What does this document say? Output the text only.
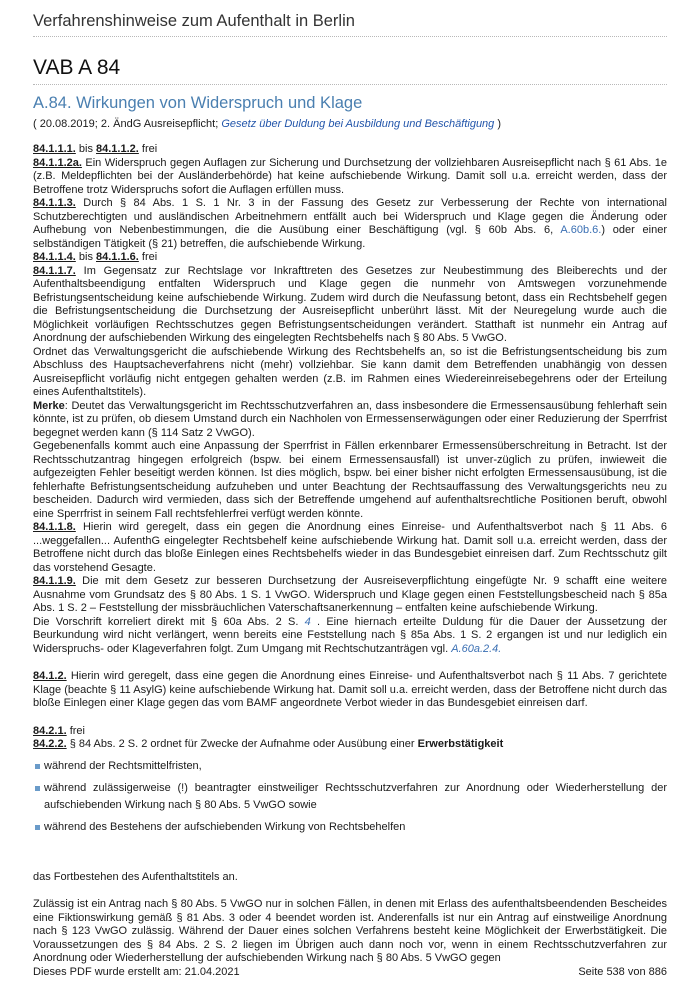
Verfahrenshinweise zum Aufenthalt in Berlin
VAB A 84
A.84. Wirkungen von Widerspruch und Klage
( 20.08.2019; 2. ÄndG Ausreisepflicht; Gesetz über Duldung bei Ausbildung und Beschäftigung )

84.1.1.1. bis 84.1.1.2. frei

84.1.1.2a. Ein Widerspruch gegen Auflagen zur Sicherung und Durchsetzung der vollziehbaren Ausreisepflicht nach § 61 Abs. 1e (z.B. Meldepflichten bei der Ausländerbehörde) hat keine aufschiebende Wirkung. Damit soll u.a. erreicht werden, dass der Betroffene trotz Widerspruchs sofort die Auflagen erfüllen muss.

84.1.1.3. Durch § 84 Abs. 1 S. 1 Nr. 3 in der Fassung des Gesetz zur Verbesserung der Rechte von international Schutzberechtigten und ausländischen Arbeitnehmern entfällt auch bei Widerspruch und Klage gegen die Änderung oder Aufhebung von Nebenbestimmungen, die die Ausübung einer Beschäftigung (vgl. § 60b Abs. 6, A.60b.6.) oder einer selbständigen Tätigkeit (§ 21) betreffen, die aufschiebende Wirkung.

84.1.1.4. bis 84.1.1.6. frei

84.1.1.7. Im Gegensatz zur Rechtslage vor Inkrafttreten des Gesetzes zur Neubestimmung des Bleiberechts und der Aufenthaltsbeendigung entfalten Widerspruch und Klage gegen die nunmehr von Amtswegen vorzunehmende Befristungsentscheidung keine aufschiebende Wirkung. Zudem wird durch die Neufassung betont, dass ein Rechtsbehelf gegen die Befristungsentscheidung die Durchsetzung der Ausreisepflicht unberührt lässt. Mit der Neuregelung wurde auch die Möglichkeit vorläufigen Rechtsschutzes gegen Befristungsentscheidungen verändert. Statthaft ist nunmehr ein Antrag auf Anordnung der aufschiebenden Wirkung des eingelegten Rechtsbehelfs nach § 80 Abs. 5 VwGO.

Ordnet das Verwaltungsgericht die aufschiebende Wirkung des Rechtsbehelfs an, so ist die Befristungsentscheidung bis zum Abschluss des Hauptsacheverfahrens nicht (mehr) vollziehbar. Sie kann damit dem Betreffenden unabhängig von dessen Ausreisepflicht vorläufig nicht entgegen gehalten werden (z.B. im Rahmen eines Wiedereinreisebegehrens oder der Erteilung eines Aufenthaltstitels).

Merke: Deutet das Verwaltungsgericht im Rechtsschutzverfahren an, dass insbesondere die Ermessensausübung fehlerhaft sein könnte, ist zu prüfen, ob diesem Umstand durch ein Nachholen von Ermessenserwägungen oder einer Reduzierung der Sperrfrist begegnet werden kann (§ 114 Satz 2 VwGO).

Gegebenenfalls kommt auch eine Anpassung der Sperrfrist in Fällen erkennbarer Ermessensüberschreitung in Betracht. Ist der Rechtsschutzantrag hingegen erfolgreich (bspw. bei einem Ermessensausfall) ist unver-züglich zu prüfen, inwieweit die aufgezeigten Fehler beseitigt werden können. Ist dies möglich, bspw. bei einer bisher nicht erfolgten Ermessensausübung, ist die fehlerhafte Befristungsentscheidung aufzuheben und unter Beachtung der Rechtsauffassung des Verwaltungsgerichts neu zu bescheiden. Dadurch wird vermieden, dass sich der Betreffende umgehend auf aufenthaltsrechtliche Positionen beruft, obwohl eine Sperrfrist in seinem Fall rechtsfehlerfrei verfügt werden könnte.

84.1.1.8. Hierin wird geregelt, dass ein gegen die Anordnung eines Einreise- und Aufenthaltsverbot nach § 11 Abs. 6 ...weggefallen... AufenthG eingelegter Rechtsbehelf keine aufschiebende Wirkung hat. Damit soll u.a. erreicht werden, dass der Betroffene nicht durch das bloße Einlegen eines Rechtsbehelfs wieder in das Bundesgebiet einreisen darf. Zum Rechtsschutz gilt das vorstehend Gesagte.

84.1.1.9. Die mit dem Gesetz zur besseren Durchsetzung der Ausreiseverpflichtung eingefügte Nr. 9 schafft eine weitere Ausnahme vom Grundsatz des § 80 Abs. 1 S. 1 VwGO. Widerspruch und Klage gegen einen Feststellungsbescheid nach § 85a Abs. 1 S. 2 – Feststellung der missbräuchlichen Vaterschaftsanerkennung – entfalten keine aufschiebende Wirkung.

Die Vorschrift korreliert direkt mit § 60a Abs. 2 S. 4 . Eine hiernach erteilte Duldung für die Dauer der Aussetzung der Beurkundung wird nicht verlängert, wenn bereits eine Feststellung nach § 85a Abs. 1 S. 2 ergangen ist und nur lediglich ein Widerspruchs- oder Klageverfahren folgt. Zum Umgang mit Rechtschutzanträgen vgl. A.60a.2.4.

84.1.2. Hierin wird geregelt, dass eine gegen die Anordnung eines Einreise- und Aufenthaltsverbot nach § 11 Abs. 7 gerichtete Klage (beachte § 11 AsylG) keine aufschiebende Wirkung hat. Damit soll u.a. erreicht werden, dass der Betroffene nicht durch das bloße Einlegen einer Klage gegen das vom BAMF angeordnete Verbot wieder in das Bundesgebiet einreisen darf.

84.2.1. frei

84.2.2. § 84 Abs. 2 S. 2 ordnet für Zwecke der Aufnahme oder Ausübung einer Erwerbstätigkeit

während der Rechtsmittelfristen,
während zulässigerweise (!) beantragter einstweiliger Rechtsschutzverfahren zur Anordnung oder Wiederherstellung der aufschiebenden Wirkung nach § 80 Abs. 5 VwGO sowie
während des Bestehens der aufschiebenden Wirkung von Rechtsbehelfen

das Fortbestehen des Aufenthaltstitels an.

Zulässig ist ein Antrag nach § 80 Abs. 5 VwGO nur in solchen Fällen, in denen mit Erlass des aufenthaltsbeendenden Bescheides eine Fiktionswirkung gemäß § 81 Abs. 3 oder 4 beendet worden ist. Anderenfalls ist nur ein Antrag auf einstweilige Anordnung nach § 123 VwGO zulässig. Während der Dauer eines solchen Verfahrens besteht keine Möglichkeit der Erwerbstätigkeit. Die Voraussetzungen des § 84 Abs. 2 S. 2 liegen im Übrigen auch dann noch vor, wenn in einem Rechtsschutzverfahren zur Anordnung oder Wiederherstellung der aufschiebenden Wirkung nach § 80 Abs. 5 VwGO gegen

Dieses PDF wurde erstellt am: 21.04.2021	Seite 538 von 886
